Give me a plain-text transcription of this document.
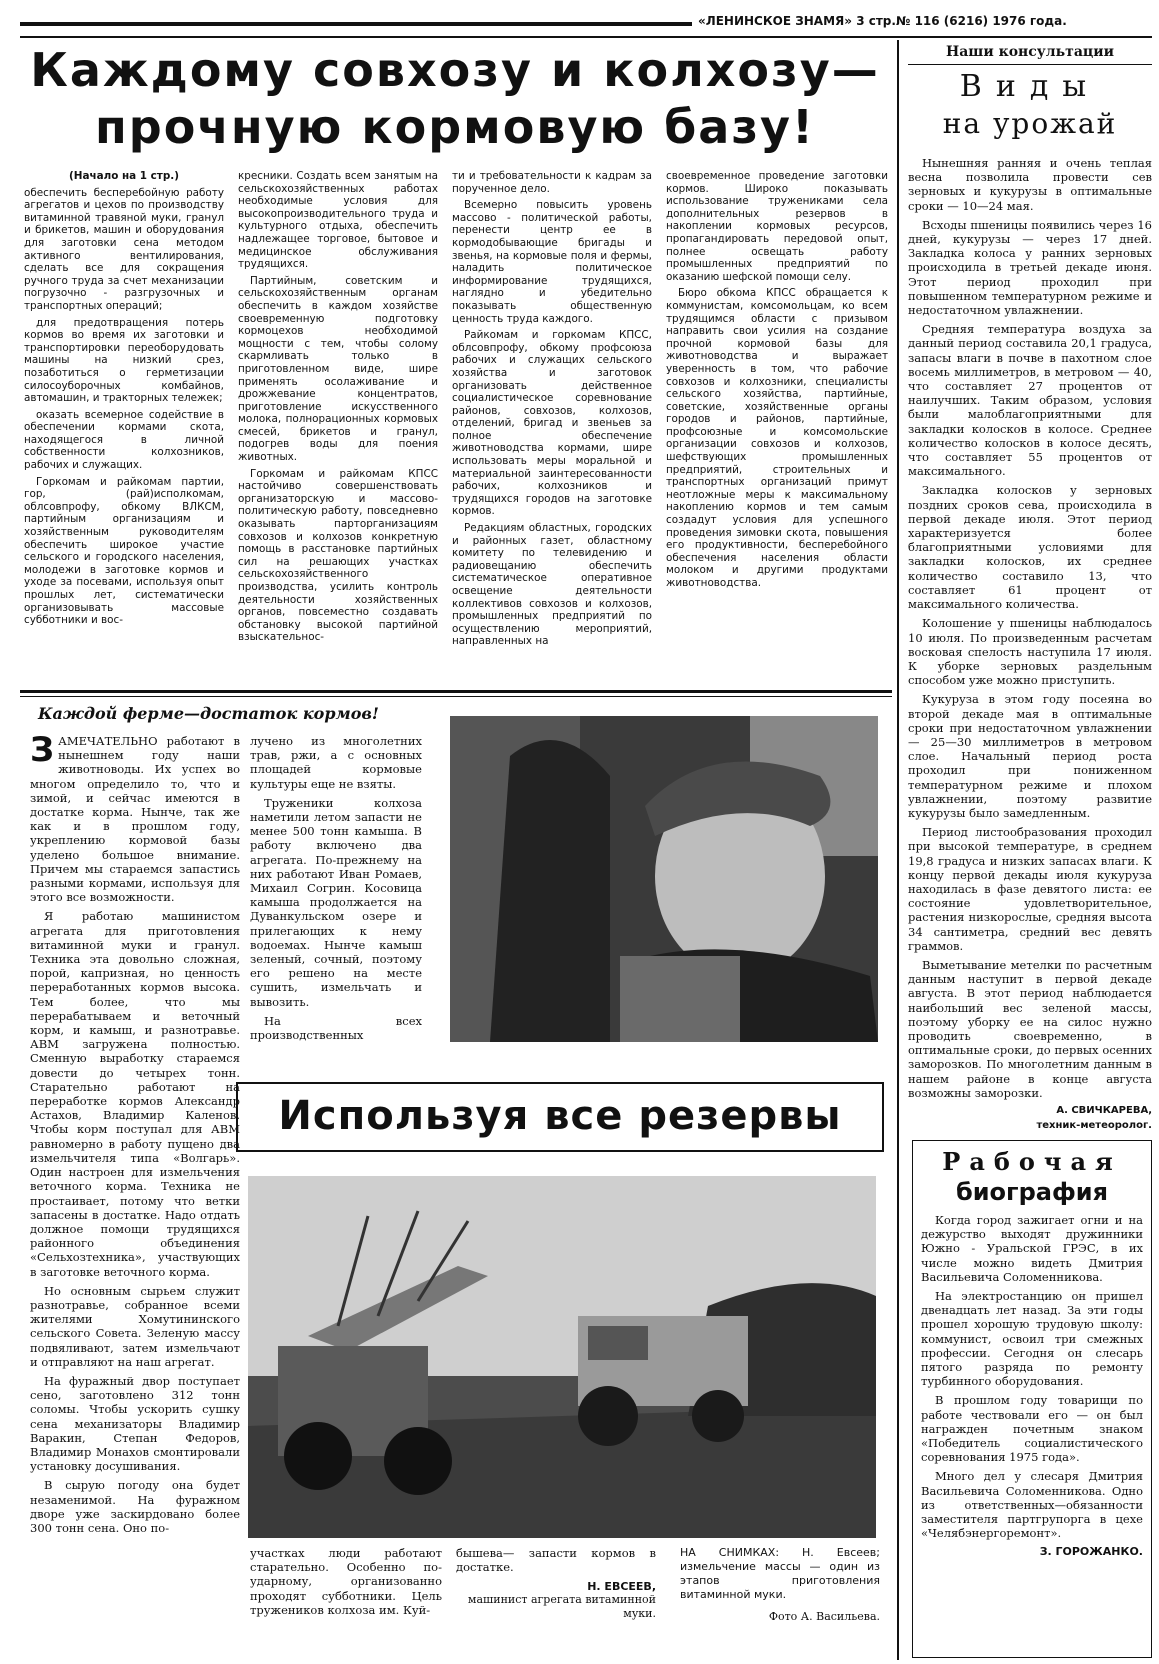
«ЛЕНИНСКОЕ ЗНАМЯ» 3 стр.№ 116 (6216) 1976 года.
Каждому совхозу и колхозу—
прочную кормовую базу!
(Начало на 1 стр.)
обеспечить бесперебойную работу агрегатов и цехов по производству витаминной травяной муки, гранул и брикетов, машин и оборудования для заготовки сена методом активного вентилирования, сделать все для сокращения ручного труда за счет механизации погрузочно - разгрузочных и транспортных операций;
для предотвращения потерь кормов во время их заготовки и транспортировки переоборудовать машины на низкий срез, позаботиться о герметизации силосоуборочных комбайнов, автомашин, и тракторных тележек;
оказать всемерное содействие в обеспечении кормами скота, находящегося в личной собственности колхозников, рабочих и служащих.
Горкомам и райкомам партии, гор, (рай)исполкомам, облсовпрофу, обкому ВЛКСМ, партийным организациям и хозяйственным руководителям обеспечить широкое участие сельского и городского населения, молодежи в заготовке кормов и уходе за посевами, используя опыт прошлых лет, систематически организовывать массовые субботники и вос-
кресники. Создать всем занятым на сельскохозяйственных работах необходимые условия для высокопроизводительного труда и культурного отдыха, обеспечить надлежащее торговое, бытовое и медицинское обслуживания трудящихся.
Партийным, советским и сельскохозяйственным органам обеспечить в каждом хозяйстве своевременную подготовку кормоцехов необходимой мощности с тем, чтобы солому скармливать только в приготовленном виде, шире применять осолаживание и дрожжевание концентратов, приготовление искусственного молока, полнорационных кормовых смесей, брикетов и гранул, подогрев воды для поения животных.
Горкомам и райкомам КПСС настойчиво совершенствовать организаторскую и массово-политическую работу, повседневно оказывать парторганизациям совхозов и колхозов конкретную помощь в расстановке партийных сил на решающих участках сельскохозяйственного производства, усилить контроль деятельности хозяйственных органов, повсеместно создавать обстановку высокой партийной взыскательнос-
ти и требовательности к кадрам за порученное дело.
Всемерно повысить уровень массово - политической работы, перенести центр ее в кормодобывающие бригады и звенья, на кормовые поля и фермы, наладить политическое информирование трудящихся, наглядно и убедительно показывать общественную ценность труда каждого.
Райкомам и горкомам КПСС, облсовпрофу, обкому профсоюза рабочих и служащих сельского хозяйства и заготовок организовать действенное социалистическое соревнование районов, совхозов, колхозов, отделений, бригад и звеньев за полное обеспечение животноводства кормами, шире использовать меры моральной и материальной заинтересованности рабочих, колхозников и трудящихся городов на заготовке кормов.
Редакциям областных, городских и районных газет, областному комитету по телевидению и радиовещанию обеспечить систематическое оперативное освещение деятельности коллективов совхозов и колхозов, промышленных предприятий по осуществлению мероприятий, направленных на
своевременное проведение заготовки кормов. Широко показывать использование тружениками села дополнительных резервов в накоплении кормовых ресурсов, пропагандировать передовой опыт, полнее освещать работу промышленных предприятий по оказанию шефской помощи селу.
Бюро обкома КПСС обращается к коммунистам, комсомольцам, ко всем трудящимся области с призывом направить свои усилия на создание прочной кормовой базы для животноводства и выражает уверенность в том, что рабочие совхозов и колхозники, специалисты сельского хозяйства, партийные, советские, хозяйственные органы городов и районов, партийные, профсоюзные и комсомольские организации совхозов и колхозов, шефствующих промышленных предприятий, строительных и транспортных организаций примут неотложные меры к максимальному накоплению кормов и тем самым создадут условия для успешного проведения зимовки скота, повышения его продуктивности, бесперебойного обеспечения населения области молоком и другими продуктами животноводства.
Каждой ферме—достаток кормов!
ЗАМЕЧАТЕЛЬНО работают в нынешнем году наши животноводы. Их успех во многом определило то, что и зимой, и сейчас имеются в достатке корма. Нынче, так же как и в прошлом году, укреплению кормовой базы уделено большое внимание. Причем мы стараемся запастись разными кормами, используя для этого все возможности.
Я работаю машинистом агрегата для приготовления витаминной муки и гранул. Техника эта довольно сложная, порой, капризная, но ценность переработанных кормов высока. Тем более, что мы перерабатываем и веточный корм, и камыш, и разнотравье. АВМ загружена полностью. Сменную выработку стараемся довести до четырех тонн. Старательно работают на переработке кормов Александр Астахов, Владимир Каленов. Чтобы корм поступал для АВМ равномерно в работу пущено два измельчителя типа «Волгарь». Один настроен для измельчения веточного корма. Техника не простаивает, потому что ветки запасены в достатке. Надо отдать должное помощи трудящихся районного объединения «Сельхозтехника», участвующих в заготовке веточного корма.
Но основным сырьем служит разнотравье, собранное всеми жителями Хомутининского сельского Совета. Зеленую массу подвяливают, затем измельчают и отправляют на наш агрегат.
На фуражный двор поступает сено, заготовлено 312 тонн соломы. Чтобы ускорить сушку сена механизаторы Владимир Варакин, Степан Федоров, Владимир Монахов смонтировали установку досушивания.
В сырую погоду она будет незаменимой. На фуражном дворе уже заскирдовано более 300 тонн сена. Оно по-
лучено из многолетних трав, ржи, а с основных площадей кормовые культуры еще не взяты.
Труженики колхоза наметили летом запасти не менее 500 тонн камыша. В работу включено два агрегата. По-прежнему на них работают Иван Ромаев, Михаил Согрин. Косовица камыша продолжается на Дуванкульском озере и прилегающих к нему водоемах. Нынче камыш зеленый, сочный, поэтому его решено на месте сушить, измельчать и вывозить.
На всех производственных
Используя все резервы
участках люди работают старательно. Особенно по-ударному, организованно проходят субботники. Цель тружеников колхоза им. Куй-
бышева— запасти кормов в достатке.
Н. ЕВСЕЕВ,
машинист агрегата витаминной муки.
НА СНИМКАХ: Н. Евсеев; измельчение массы — один из этапов приготовления витаминной муки.
Фото А. Васильева.
Наши консультации
Виды
на урожай
Нынешняя ранняя и очень теплая весна позволила провести сев зерновых и кукурузы в оптимальные сроки — 10—24 мая.
Всходы пшеницы появились через 16 дней, кукурузы — через 17 дней. Закладка колоса у ранних зерновых происходила в третьей декаде июня. Этот период проходил при повышенном температурном режиме и недостаточном увлажнении.
Средняя температура воздуха за данный период составила 20,1 градуса, запасы влаги в почве в пахотном слое восемь миллиметров, в метровом — 40, что составляет 27 процентов от наилучших. Таким образом, условия были малоблагоприятными для закладки колосков в колосе. Среднее количество колосков в колосе десять, что составляет 55 процентов от максимального.
Закладка колосков у зерновых поздних сроков сева, происходила в первой декаде июля. Этот период характеризуется более благоприятными условиями для закладки колосков, их среднее количество составило 13, что составляет 61 процент от максимального количества.
Колошение у пшеницы наблюдалось 10 июля. По произведенным расчетам восковая спелость наступила 17 июля. К уборке зерновых раздельным способом уже можно приступить.
Кукуруза в этом году посеяна во второй декаде мая в оптимальные сроки при недостаточном увлажнении— 25—30 миллиметров в метровом слое. Начальный период роста проходил при пониженном температурном режиме и плохом увлажнении, поэтому развитие кукурузы было замедленным.
Период листообразования проходил при высокой температуре, в среднем 19,8 градуса и низких запасах влаги. К концу первой декады июля кукуруза находилась в фазе девятого листа: ее состояние удовлетворительное, растения низкорослые, средняя высота 34 сантиметра, средний вес девять граммов.
Выметывание метелки по расчетным данным наступит в первой декаде августа. В этот период наблюдается наибольший вес зеленой массы, поэтому уборку ее на силос нужно проводить своевременно, в оптимальные сроки, до первых осенних заморозков. По многолетним данным в нашем районе в конце августа возможны заморозки.
А. СВИЧКАРЕВА,
техник-метеоролог.
Рабочая
биография
Когда город зажигает огни и на дежурство выходят дружинники Южно - Уральской ГРЭС, в их числе можно видеть Дмитрия Васильевича Соломенникова.
На электростанцию он пришел двенадцать лет назад. За эти годы прошел хорошую трудовую школу: коммунист, освоил три смежных профессии. Сегодня он слесарь пятого разряда по ремонту турбинного оборудования.
В прошлом году товарищи по работе чествовали его — он был награжден почетным знаком «Победитель социалистического соревнования 1975 года».
Много дел у слесаря Дмитрия Васильевича Соломенникова. Одно из ответственных—обязанности заместителя партгрупорга в цехе «Челябэнергоремонт».
З. ГОРОЖАНКО.
